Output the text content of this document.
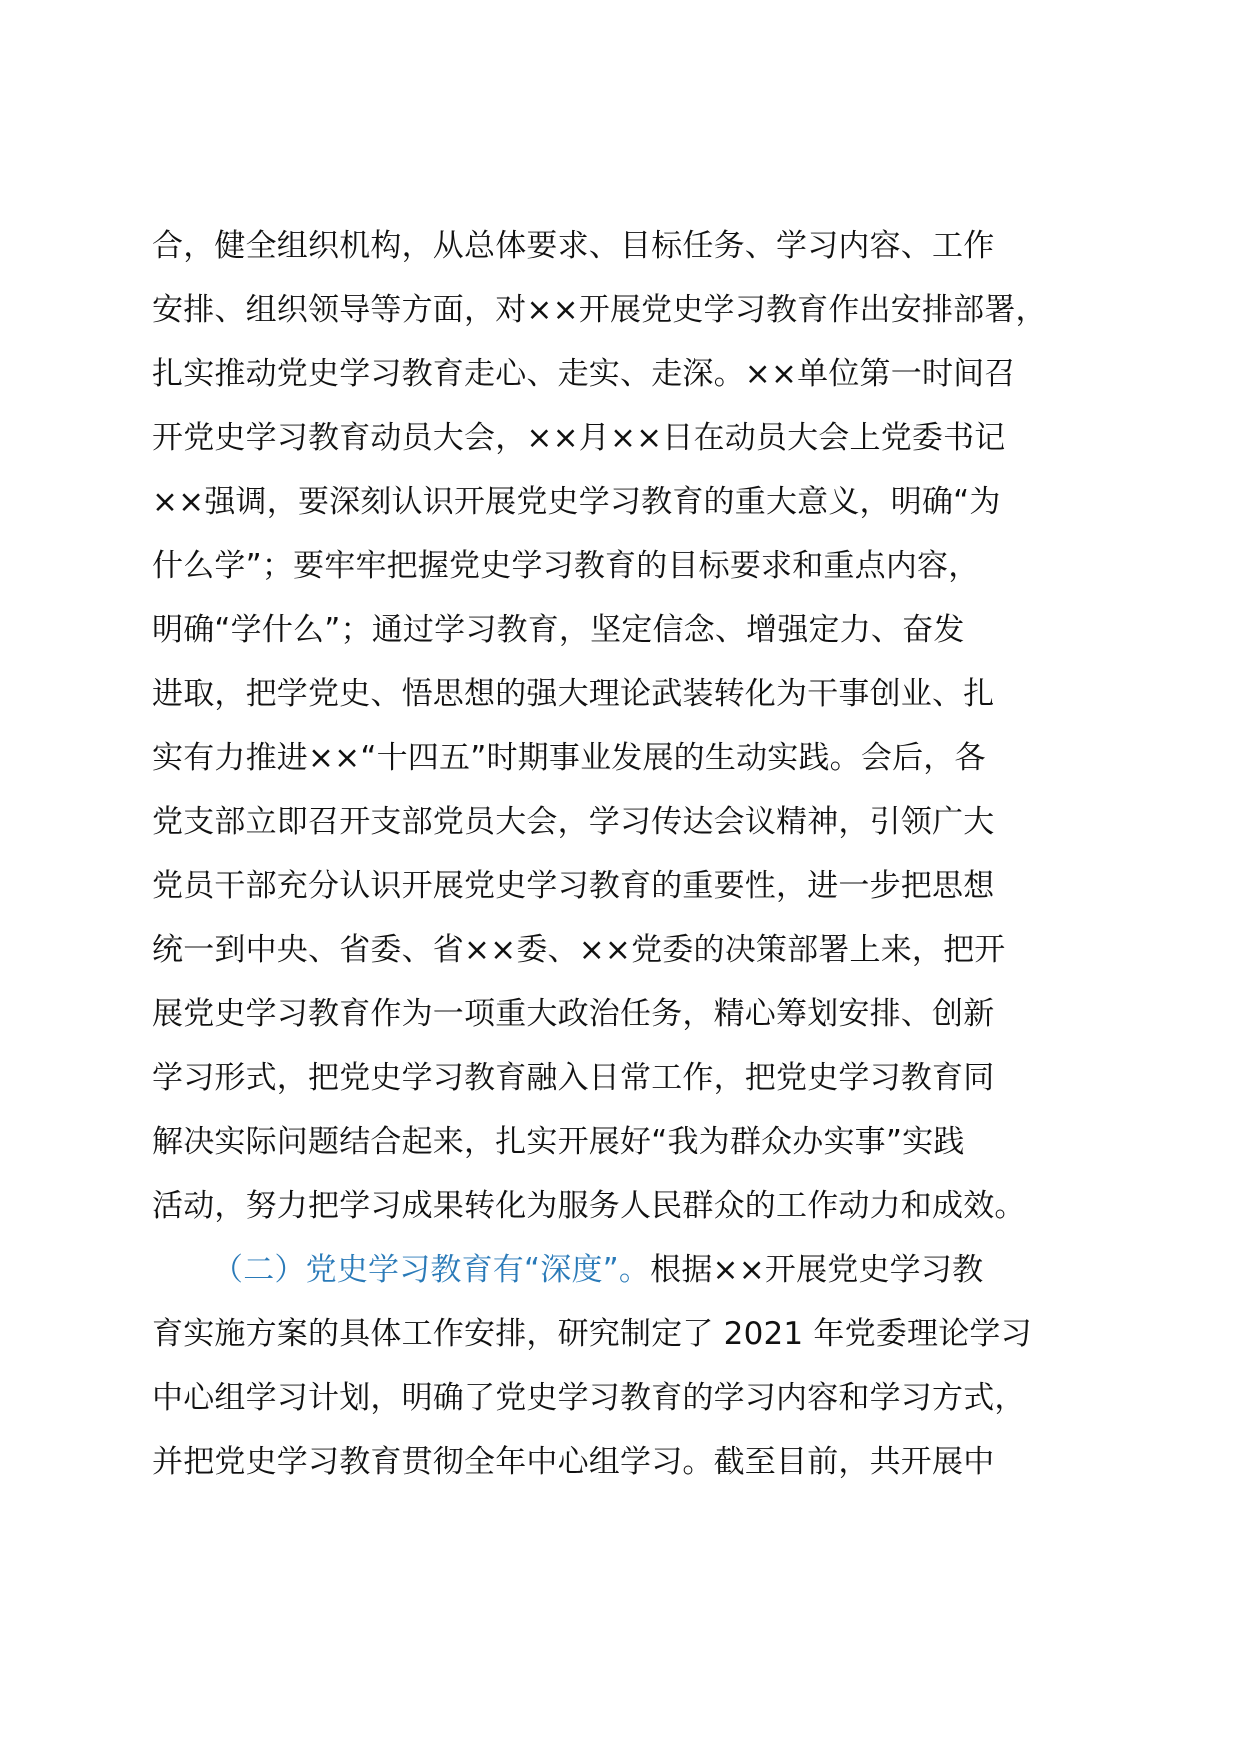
合，健全组织机构，从总体要求、目标任务、学习内容、工作
安排、组织领导等方面，对××开展党史学习教育作出安排部署，
扎实推动党史学习教育走心、走实、走深。××单位第一时间召
开党史学习教育动员大会，××月××日在动员大会上党委书记
××强调，要深刻认识开展党史学习教育的重大意义，明确“为
什么学”；要牢牢把握党史学习教育的目标要求和重点内容，
明确“学什么”；通过学习教育，坚定信念、增强定力、奋发
进取，把学党史、悟思想的强大理论武装转化为干事创业、扎
实有力推进××“十四五”时期事业发展的生动实践。会后，各
党支部立即召开支部党员大会，学习传达会议精神，引领广大
党员干部充分认识开展党史学习教育的重要性，进一步把思想
统一到中央、省委、省××委、××党委的决策部署上来，把开
展党史学习教育作为一项重大政治任务，精心筹划安排、创新
学习形式，把党史学习教育融入日常工作，把党史学习教育同
解决实际问题结合起来，扎实开展好“我为群众办实事”实践
活动，努力把学习成果转化为服务人民群众的工作动力和成效。
（二）党史学习教育有“深度”。根据××开展党史学习教
育实施方案的具体工作安排，研究制定了 2021 年党委理论学习
中心组学习计划，明确了党史学习教育的学习内容和学习方式，
并把党史学习教育贯彻全年中心组学习。截至目前，共开展中
